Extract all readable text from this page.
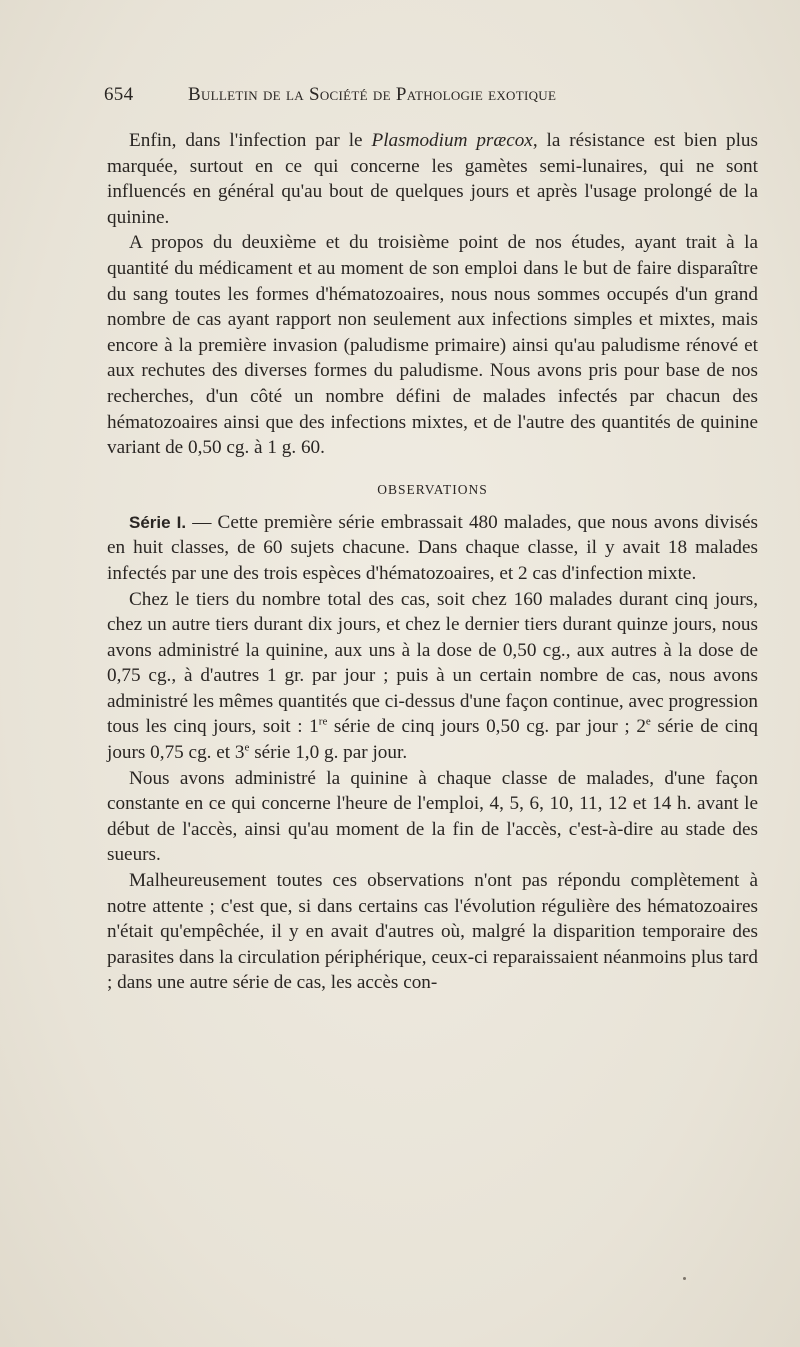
654	Bulletin de la Société de Pathologie exotique

Enfin, dans l'infection par le Plasmodium præcox, la résistance est bien plus marquée, surtout en ce qui concerne les gamètes semi-lunaires, qui ne sont influencés en général qu'au bout de quelques jours et après l'usage prolongé de la quinine.

A propos du deuxième et du troisième point de nos études, ayant trait à la quantité du médicament et au moment de son emploi dans le but de faire disparaître du sang toutes les formes d'hématozoaires, nous nous sommes occupés d'un grand nombre de cas ayant rapport non seulement aux infections simples et mixtes, mais encore à la première invasion (paludisme primaire) ainsi qu'au paludisme rénové et aux rechutes des diverses formes du paludisme. Nous avons pris pour base de nos recherches, d'un côté un nombre défini de malades infectés par chacun des hématozoaires ainsi que des infections mixtes, et de l'autre des quantités de quinine variant de 0,50 cg. à 1 g. 60.

OBSERVATIONS

Série I. — Cette première série embrassait 480 malades, que nous avons divisés en huit classes, de 60 sujets chacune. Dans chaque classe, il y avait 18 malades infectés par une des trois espèces d'hématozoaires, et 2 cas d'infection mixte.

Chez le tiers du nombre total des cas, soit chez 160 malades durant cinq jours, chez un autre tiers durant dix jours, et chez le dernier tiers durant quinze jours, nous avons administré la quinine, aux uns à la dose de 0,50 cg., aux autres à la dose de 0,75 cg., à d'autres 1 gr. par jour ; puis à un certain nombre de cas, nous avons administré les mêmes quantités que ci-dessus d'une façon continue, avec progression tous les cinq jours, soit : 1re série de cinq jours 0,50 cg. par jour ; 2e série de cinq jours 0,75 cg. et 3e série 1,0 g. par jour.

Nous avons administré la quinine à chaque classe de malades, d'une façon constante en ce qui concerne l'heure de l'emploi, 4, 5, 6, 10, 11, 12 et 14 h. avant le début de l'accès, ainsi qu'au moment de la fin de l'accès, c'est-à-dire au stade des sueurs.

Malheureusement toutes ces observations n'ont pas répondu complètement à notre attente ; c'est que, si dans certains cas l'évolution régulière des hématozoaires n'était qu'empêchée, il y en avait d'autres où, malgré la disparition temporaire des parasites dans la circulation périphérique, ceux-ci reparaissaient néanmoins plus tard ; dans une autre série de cas, les accès con-
